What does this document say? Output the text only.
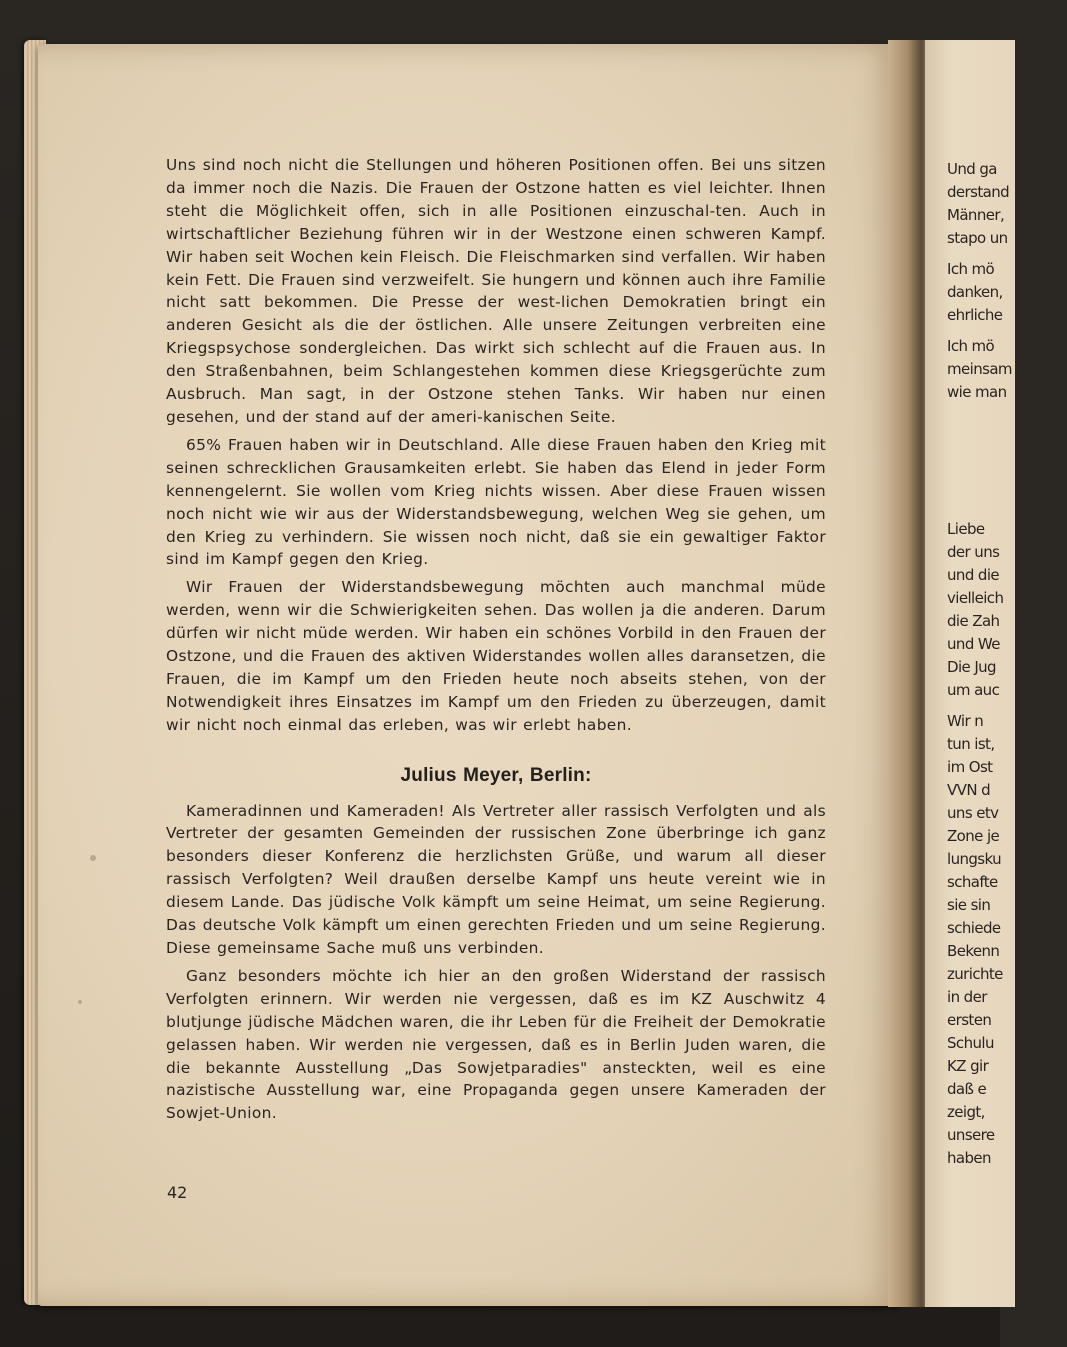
Und ga
derstand
Männer,
stapo un
Ich mö
danken,
ehrliche
Ich mö
meinsam
wie man
Liebe
der uns
und die
vielleich
die Zah
und We
Die Jug
um auc
Wir n
tun ist,
im Ost
VVN d
uns etv
Zone je
lungsku
schafte
sie sin
schiede
Bekenn
zurichte
in der
ersten
Schulu
KZ gir
daß e
zeigt,
unsere
haben

Uns sind noch nicht die Stellungen und höheren Positionen offen. Bei uns sitzen da immer noch die Nazis. Die Frauen der Ostzone hatten es viel leichter. Ihnen steht die Möglichkeit offen, sich in alle Positionen einzuschal-ten. Auch in wirtschaftlicher Beziehung führen wir in der Westzone einen schweren Kampf. Wir haben seit Wochen kein Fleisch. Die Fleischmarken sind verfallen. Wir haben kein Fett. Die Frauen sind verzweifelt. Sie hungern und können auch ihre Familie nicht satt bekommen. Die Presse der west-lichen Demokratien bringt ein anderen Gesicht als die der östlichen. Alle unsere Zeitungen verbreiten eine Kriegspsychose sondergleichen. Das wirkt sich schlecht auf die Frauen aus. In den Straßenbahnen, beim Schlangestehen kommen diese Kriegsgerüchte zum Ausbruch. Man sagt, in der Ostzone stehen Tanks. Wir haben nur einen gesehen, und der stand auf der ameri-kanischen Seite.

65% Frauen haben wir in Deutschland. Alle diese Frauen haben den Krieg mit seinen schrecklichen Grausamkeiten erlebt. Sie haben das Elend in jeder Form kennengelernt. Sie wollen vom Krieg nichts wissen. Aber diese Frauen wissen noch nicht wie wir aus der Widerstandsbewegung, welchen Weg sie gehen, um den Krieg zu verhindern. Sie wissen noch nicht, daß sie ein gewaltiger Faktor sind im Kampf gegen den Krieg.

Wir Frauen der Widerstandsbewegung möchten auch manchmal müde werden, wenn wir die Schwierigkeiten sehen. Das wollen ja die anderen. Darum dürfen wir nicht müde werden. Wir haben ein schönes Vorbild in den Frauen der Ostzone, und die Frauen des aktiven Widerstandes wollen alles daransetzen, die Frauen, die im Kampf um den Frieden heute noch abseits stehen, von der Notwendigkeit ihres Einsatzes im Kampf um den Frieden zu überzeugen, damit wir nicht noch einmal das erleben, was wir erlebt haben.

Julius Meyer, Berlin:

Kameradinnen und Kameraden! Als Vertreter aller rassisch Verfolgten und als Vertreter der gesamten Gemeinden der russischen Zone überbringe ich ganz besonders dieser Konferenz die herzlichsten Grüße, und warum all dieser rassisch Verfolgten? Weil draußen derselbe Kampf uns heute vereint wie in diesem Lande. Das jüdische Volk kämpft um seine Heimat, um seine Regierung. Das deutsche Volk kämpft um einen gerechten Frieden und um seine Regierung. Diese gemeinsame Sache muß uns verbinden.

Ganz besonders möchte ich hier an den großen Widerstand der rassisch Verfolgten erinnern. Wir werden nie vergessen, daß es im KZ Auschwitz 4 blutjunge jüdische Mädchen waren, die ihr Leben für die Freiheit der Demokratie gelassen haben. Wir werden nie vergessen, daß es in Berlin Juden waren, die die bekannte Ausstellung „Das Sowjetparadies" ansteckten, weil es eine nazistische Ausstellung war, eine Propaganda gegen unsere Kameraden der Sowjet-Union.

42
